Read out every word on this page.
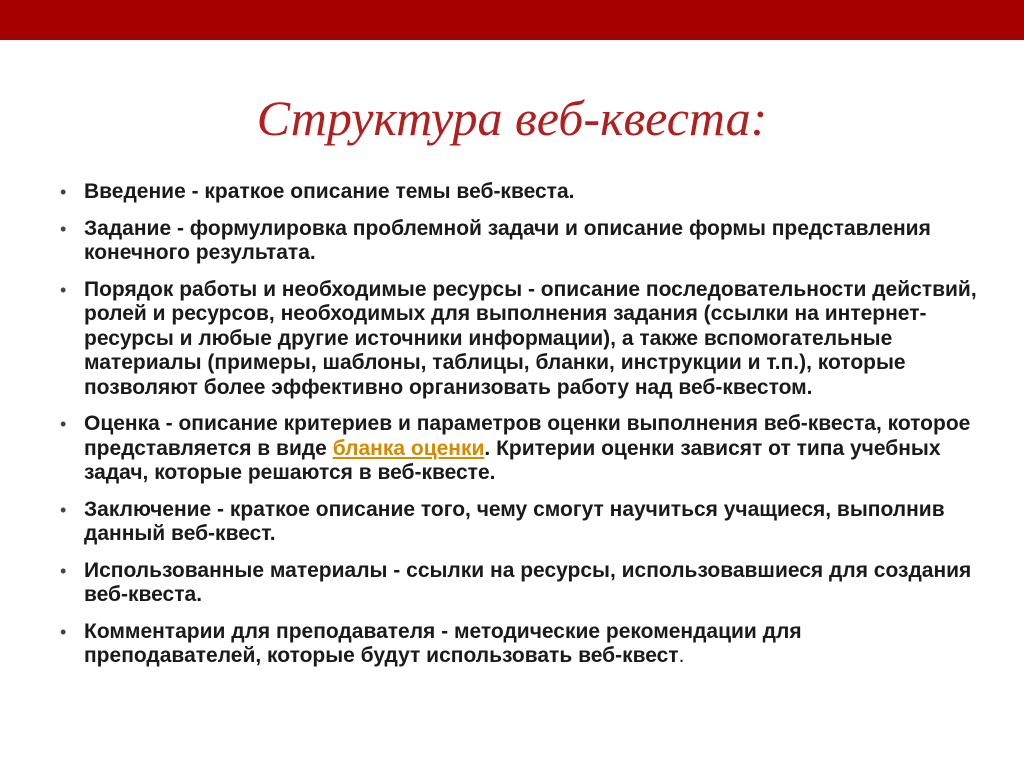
Структура веб-квеста:
• Введение - краткое описание темы веб-квеста.
• Задание - формулировка проблемной задачи и описание формы представления конечного результата.
• Порядок работы и необходимые ресурсы - описание последовательности действий, ролей и ресурсов, необходимых для выполнения задания (ссылки на интернет-ресурсы и любые другие источники информации), а также вспомогательные материалы (примеры, шаблоны, таблицы, бланки, инструкции и т.п.), которые позволяют более эффективно организовать работу над веб-квестом.
• Оценка - описание критериев и параметров оценки выполнения веб-квеста, которое представляется в виде бланка оценки. Критерии оценки зависят от типа учебных задач, которые решаются в веб-квесте.
• Заключение - краткое описание того, чему смогут научиться учащиеся, выполнив данный веб-квест.
• Использованные материалы - ссылки на ресурсы, использовавшиеся для создания веб-квеста.
• Комментарии для преподавателя - методические рекомендации для преподавателей, которые будут использовать веб-квест.
